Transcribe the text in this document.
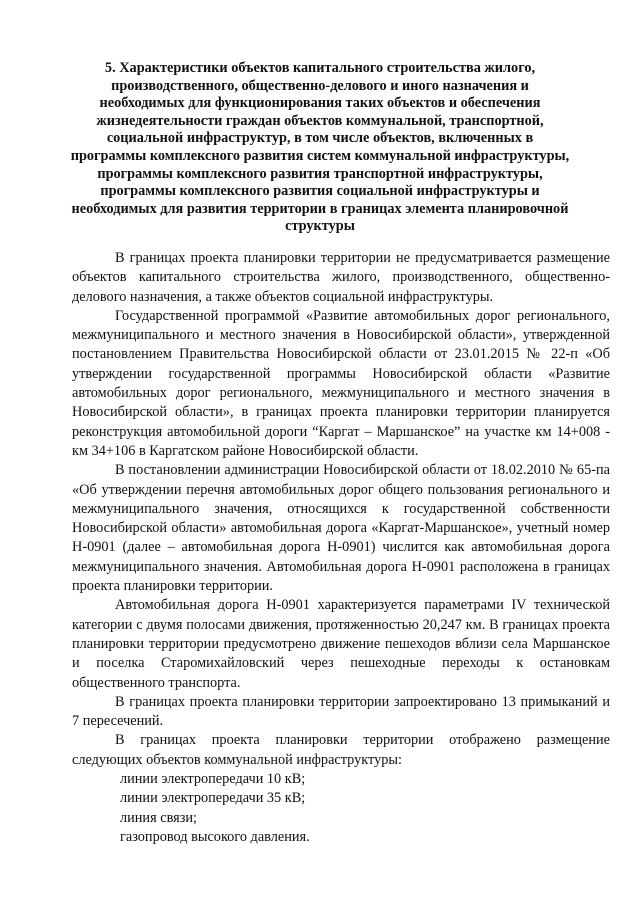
5. Характеристики объектов капитального строительства жилого, производственного, общественно-делового и иного назначения и необходимых для функционирования таких объектов и обеспечения жизнедеятельности граждан объектов коммунальной, транспортной, социальной инфраструктур, в том числе объектов, включенных в программы комплексного развития систем коммунальной инфраструктуры, программы комплексного развития транспортной инфраструктуры, программы комплексного развития социальной инфраструктуры и необходимых для развития территории в границах элемента планировочной структуры

В границах проекта планировки территории не предусматривается размещение объектов капитального строительства жилого, производственного, общественно-делового назначения, а также объектов социальной инфраструктуры.

Государственной программой «Развитие автомобильных дорог регионального, межмуниципального и местного значения в Новосибирской области», утвержденной постановлением Правительства Новосибирской области от 23.01.2015 № 22-п «Об утверждении государственной программы Новосибирской области «Развитие автомобильных дорог регионального, межмуниципального и местного значения в Новосибирской области», в границах проекта планировки территории планируется реконструкция автомобильной дороги “Каргат – Маршанское” на участке км 14+008 - км 34+106 в Каргатском районе Новосибирской области.

В постановлении администрации Новосибирской области от 18.02.2010 № 65-па «Об утверждении перечня автомобильных дорог общего пользования регионального и межмуниципального значения, относящихся к государственной собственности Новосибирской области» автомобильная дорога «Каргат-Маршанское», учетный номер Н-0901 (далее – автомобильная дорога Н-0901) числится как автомобильная дорога межмуниципального значения. Автомобильная дорога Н-0901 расположена в границах проекта планировки территории.

Автомобильная дорога Н-0901 характеризуется параметрами IV технической категории с двумя полосами движения, протяженностью 20,247 км. В границах проекта планировки территории предусмотрено движение пешеходов вблизи села Маршанское и поселка Старомихайловский через пешеходные переходы к остановкам общественного транспорта.

В границах проекта планировки территории запроектировано 13 примыканий и 7 пересечений.

В границах проекта планировки территории отображено размещение следующих объектов коммунальной инфраструктуры:

линии электропередачи 10 кВ;
линии электропередачи 35 кВ;
линия связи;
газопровод высокого давления.
